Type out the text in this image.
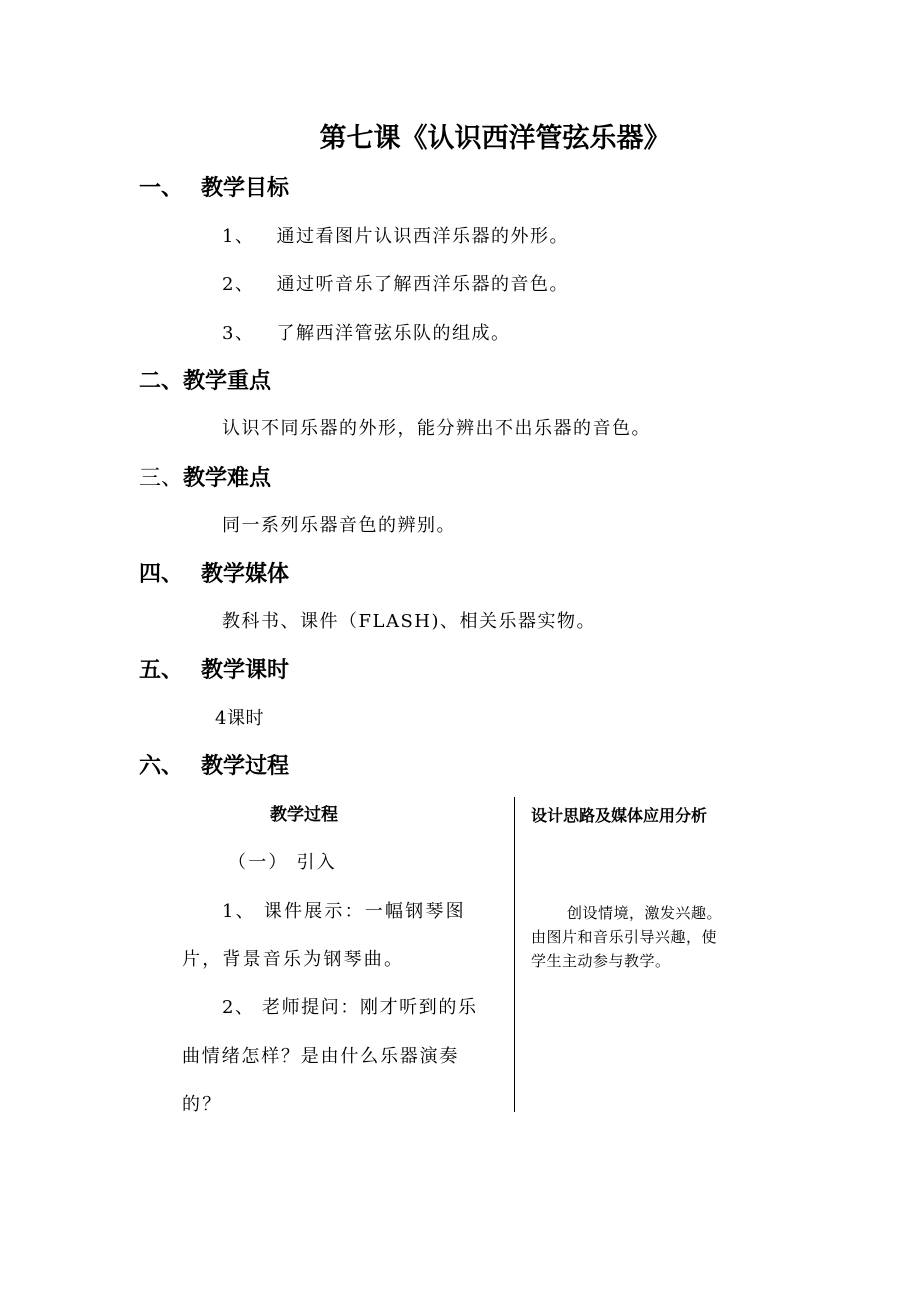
第七课《认识西洋管弦乐器》
一、 教学目标
1、 通过看图片认识西洋乐器的外形。
2、 通过听音乐了解西洋乐器的音色。
3、 了解西洋管弦乐队的组成。
二、教学重点
认识不同乐器的外形，能分辨出不出乐器的音色。
三、教学难点
同一系列乐器音色的辨别。
四、 教学媒体
教科书、课件（FLASH)、相关乐器实物。
五、 教学课时
4课时
六、 教学过程
教学过程	设计思路及媒体应用分析
（一） 引入
1、 课件展示：一幅钢琴图
片，背景音乐为钢琴曲。
2、 老师提问：刚才听到的乐
曲情绪怎样？是由什么乐器演奏
的？
创设情境，激发兴趣。
由图片和音乐引导兴趣，使
学生主动参与教学。
